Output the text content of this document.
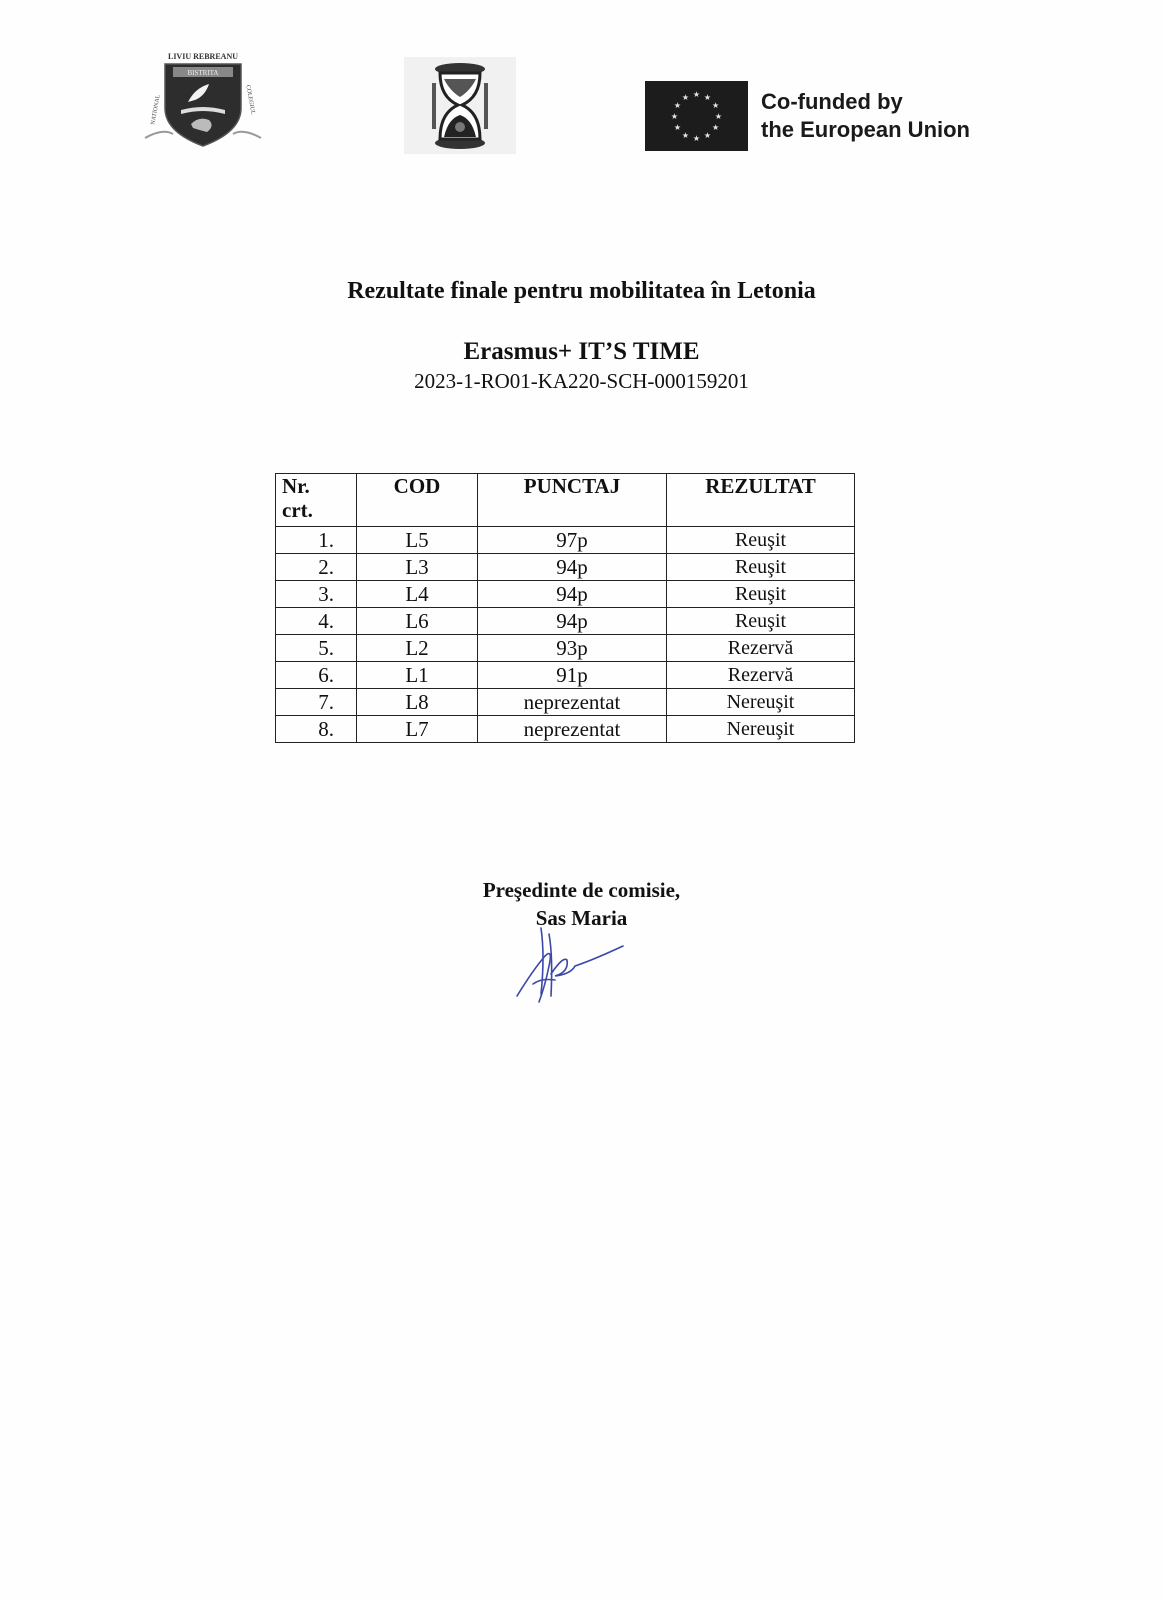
LIVIU REBREANU
BISTRITA
NATIONAL	COLEGIUL
★
★
★
★
★
★
★
★
★ ★ ★
★ Co-funded by
the European Union
Rezultate finale pentru mobilitatea în Letonia
Erasmus+ IT’S TIME
2023-1-RO01-KA220-SCH-000159201
Nr.
crt.	COD	PUNCTAJ	REZULTAT
1.	L5	97p	Reuşit
2.	L3	94p	Reuşit
3.	L4	94p	Reuşit
4.	L6	94p	Reuşit
5.	L2	93p	Rezervă
6.	L1	91p	Rezervă
7.	L8	neprezentat	Nereuşit
8.	L7	neprezentat	Nereuşit
Preşedinte de comisie,
Sas Maria
